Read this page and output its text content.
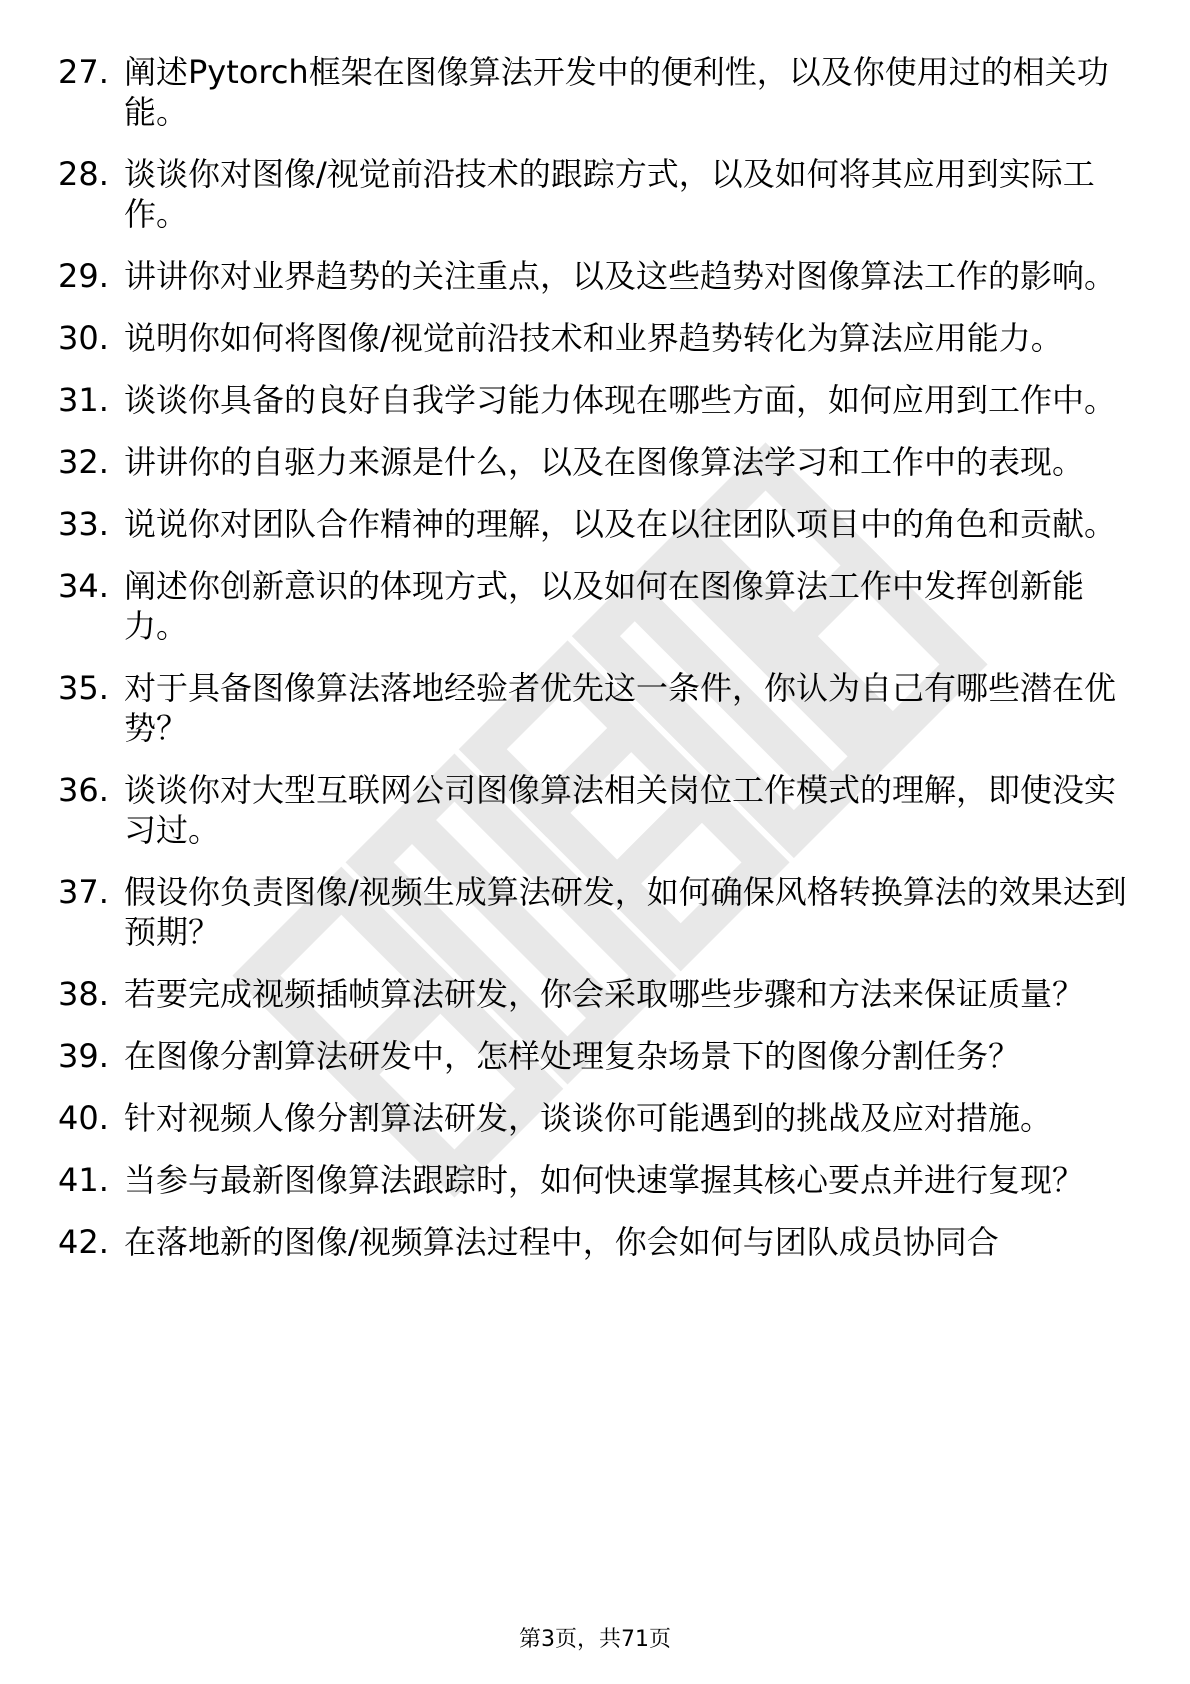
27. 阐述Pytorch框架在图像算法开发中的便利性，以及你使用过的相关功能。
28. 谈谈你对图像/视觉前沿技术的跟踪方式，以及如何将其应用到实际工作。
29. 讲讲你对业界趋势的关注重点，以及这些趋势对图像算法工作的影响。
30. 说明你如何将图像/视觉前沿技术和业界趋势转化为算法应用能力。
31. 谈谈你具备的良好自我学习能力体现在哪些方面，如何应用到工作中。
32. 讲讲你的自驱力来源是什么，以及在图像算法学习和工作中的表现。
33. 说说你对团队合作精神的理解，以及在以往团队项目中的角色和贡献。
34. 阐述你创新意识的体现方式，以及如何在图像算法工作中发挥创新能力。
35. 对于具备图像算法落地经验者优先这一条件，你认为自己有哪些潜在优势？
36. 谈谈你对大型互联网公司图像算法相关岗位工作模式的理解，即使没实习过。
37. 假设你负责图像/视频生成算法研发，如何确保风格转换算法的效果达到预期？
38. 若要完成视频插帧算法研发，你会采取哪些步骤和方法来保证质量？
39. 在图像分割算法研发中，怎样处理复杂场景下的图像分割任务？
40. 针对视频人像分割算法研发，谈谈你可能遇到的挑战及应对措施。
41. 当参与最新图像算法跟踪时，如何快速掌握其核心要点并进行复现？
42. 在落地新的图像/视频算法过程中，你会如何与团队成员协同合
第3页，共71页
